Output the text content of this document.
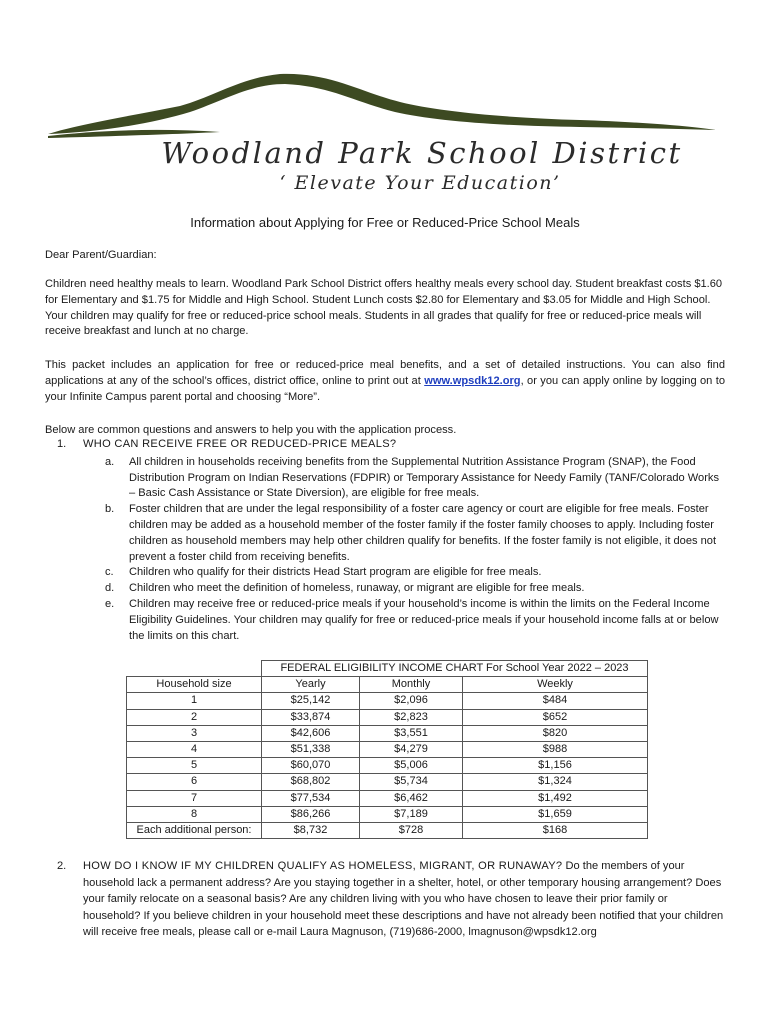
Woodland Park School District
‘ Elevate Your Education’
Information about Applying for Free or Reduced-Price School Meals
Dear Parent/Guardian:
Children need healthy meals to learn. Woodland Park School District offers healthy meals every school day. Student breakfast costs $1.60 for Elementary and $1.75 for Middle and High School. Student Lunch costs $2.80 for Elementary and $3.05 for Middle and High School. Your children may qualify for free or reduced-price school meals. Students in all grades that qualify for free or reduced-price meals will receive breakfast and lunch at no charge.
This packet includes an application for free or reduced-price meal benefits, and a set of detailed instructions. You can also find applications at any of the school’s offices, district office, online to print out at www.wpsdk12.org, or you can apply online by logging on to your Infinite Campus parent portal and choosing “More”.
Below are common questions and answers to help you with the application process.
1. WHO CAN RECEIVE FREE OR REDUCED-PRICE MEALS?
a. All children in households receiving benefits from the Supplemental Nutrition Assistance Program (SNAP), the Food Distribution Program on Indian Reservations (FDPIR) or Temporary Assistance for Needy Family (TANF/Colorado Works – Basic Cash Assistance or State Diversion), are eligible for free meals.
b. Foster children that are under the legal responsibility of a foster care agency or court are eligible for free meals. Foster children may be added as a household member of the foster family if the foster family chooses to apply. Including foster children as household members may help other children qualify for benefits. If the foster family is not eligible, it does not prevent a foster child from receiving benefits.
c. Children who qualify for their districts Head Start program are eligible for free meals.
d. Children who meet the definition of homeless, runaway, or migrant are eligible for free meals.
e. Children may receive free or reduced-price meals if your household’s income is within the limits on the Federal Income Eligibility Guidelines. Your children may qualify for free or reduced-price meals if your household income falls at or below the limits on this chart.
	FEDERAL ELIGIBILITY INCOME CHART For School Year 2022 – 2023		
Household size	Yearly	Monthly	Weekly
1	$25,142	$2,096	$484
2	$33,874	$2,823	$652
3	$42,606	$3,551	$820
4	$51,338	$4,279	$988
5	$60,070	$5,006	$1,156
6	$68,802	$5,734	$1,324
7	$77,534	$6,462	$1,492
8	$86,266	$7,189	$1,659
Each additional person:	$8,732	$728	$168
2. HOW DO I KNOW IF MY CHILDREN QUALIFY AS HOMELESS, MIGRANT, OR RUNAWAY? Do the members of your household lack a permanent address? Are you staying together in a shelter, hotel, or other temporary housing arrangement? Does your family relocate on a seasonal basis? Are any children living with you who have chosen to leave their prior family or household? If you believe children in your household meet these descriptions and have not already been notified that your children will receive free meals, please call or e-mail Laura Magnuson, (719)686-2000, lmagnuson@wpsdk12.org
